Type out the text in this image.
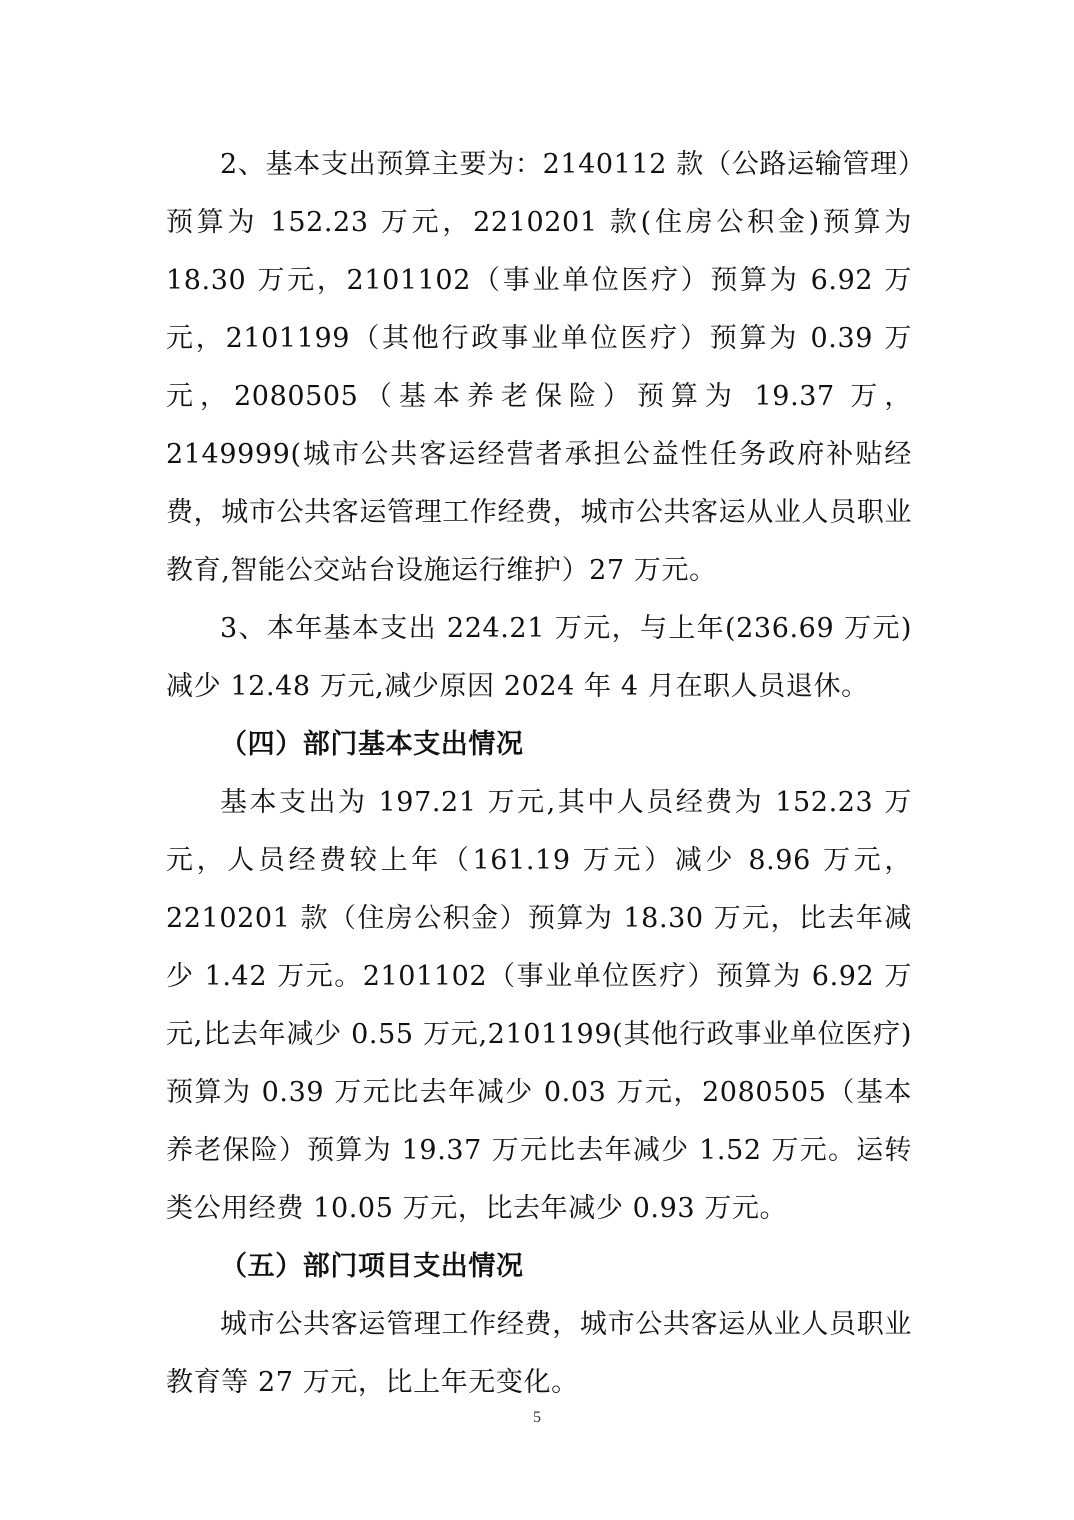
2、基本支出预算主要为：2140112 款（公路运输管理）预算为 152.23 万元，2210201 款(住房公积金)预算为 18.30 万元，2101102（事业单位医疗）预算为 6.92 万元，2101199（其他行政事业单位医疗）预算为 0.39 万元，2080505（基本养老保险）预算为 19.37 万，2149999(城市公共客运经营者承担公益性任务政府补贴经费，城市公共客运管理工作经费，城市公共客运从业人员职业教育,智能公交站台设施运行维护）27 万元。

3、本年基本支出 224.21 万元，与上年(236.69 万元)减少 12.48 万元,减少原因 2024 年 4 月在职人员退休。

（四）部门基本支出情况

基本支出为 197.21 万元,其中人员经费为 152.23 万元，人员经费较上年（161.19 万元）减少 8.96 万元，2210201 款（住房公积金）预算为 18.30 万元，比去年减少 1.42 万元。2101102（事业单位医疗）预算为 6.92 万元,比去年减少 0.55 万元,2101199(其他行政事业单位医疗)预算为 0.39 万元比去年减少 0.03 万元，2080505（基本养老保险）预算为 19.37 万元比去年减少 1.52 万元。运转类公用经费 10.05 万元，比去年减少 0.93 万元。

（五）部门项目支出情况

城市公共客运管理工作经费，城市公共客运从业人员职业教育等 27 万元，比上年无变化。

5
